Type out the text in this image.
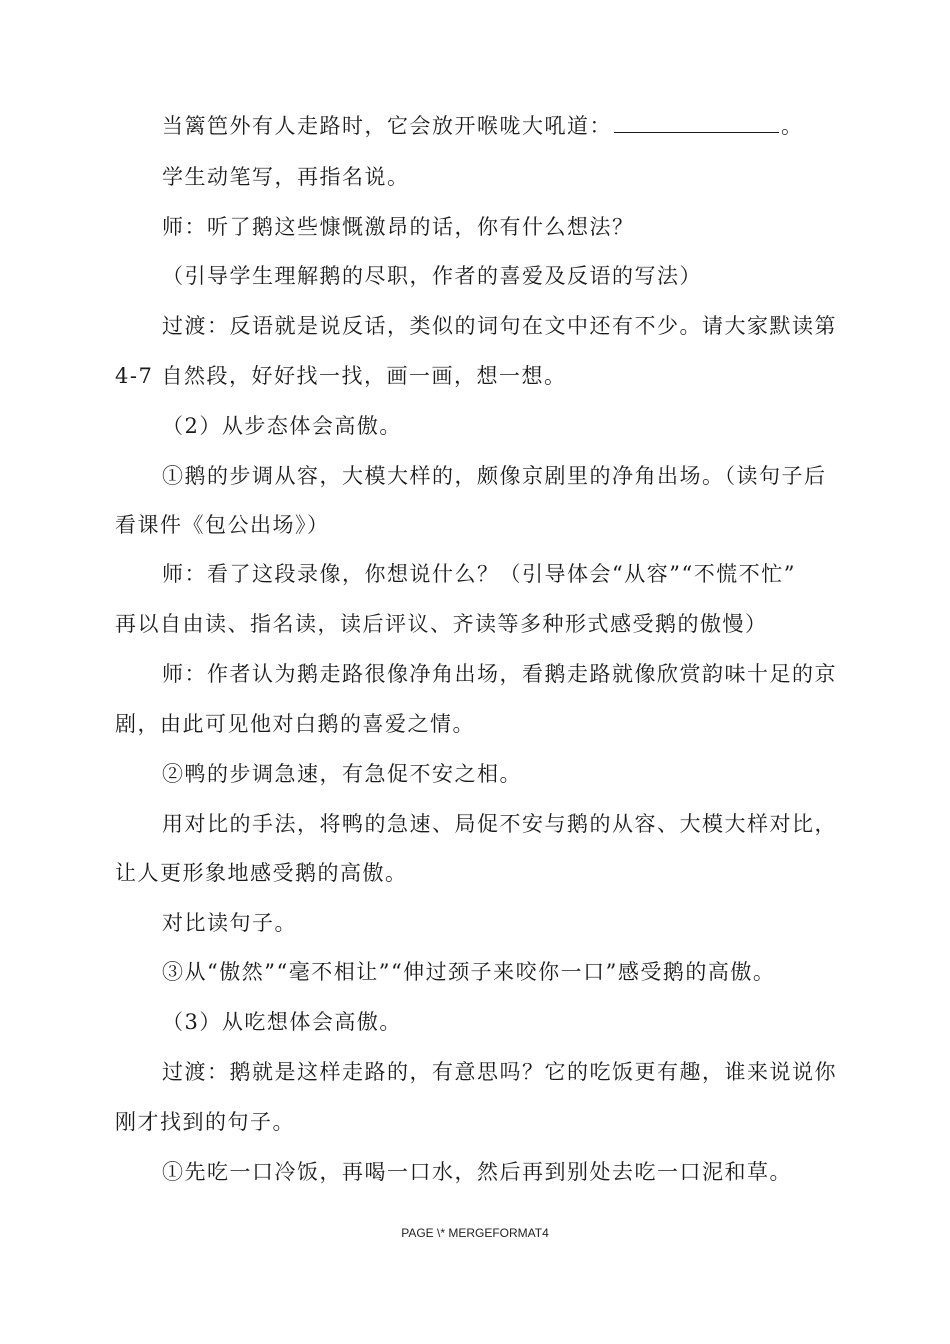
当篱笆外有人走路时，它会放开喉咙大吼道：	。
学生动笔写，再指名说。
师：听了鹅这些慷慨激昂的话，你有什么想法？
（引导学生理解鹅的尽职，作者的喜爱及反语的写法）
过渡：反语就是说反话，类似的词句在文中还有不少。请大家默读第
4-7 自然段，好好找一找，画一画，想一想。
（2）从步态体会高傲。
①鹅的步调从容，大模大样的，颇像京剧里的净角出场。（读句子后
看课件《包公出场》）
师：看了这段录像，你想说什么？（引导体会“从容”“不慌不忙”
再以自由读、指名读，读后评议、齐读等多种形式感受鹅的傲慢）
师：作者认为鹅走路很像净角出场，看鹅走路就像欣赏韵味十足的京
剧，由此可见他对白鹅的喜爱之情。
②鸭的步调急速，有急促不安之相。
用对比的手法，将鸭的急速、局促不安与鹅的从容、大模大样对比，
让人更形象地感受鹅的高傲。
对比读句子。
③从“傲然”“毫不相让”“伸过颈子来咬你一口”感受鹅的高傲。
（3）从吃想体会高傲。
过渡：鹅就是这样走路的，有意思吗？它的吃饭更有趣，谁来说说你
刚才找到的句子。
①先吃一口冷饭，再喝一口水，然后再到别处去吃一口泥和草。
PAGE \* MERGEFORMAT4
